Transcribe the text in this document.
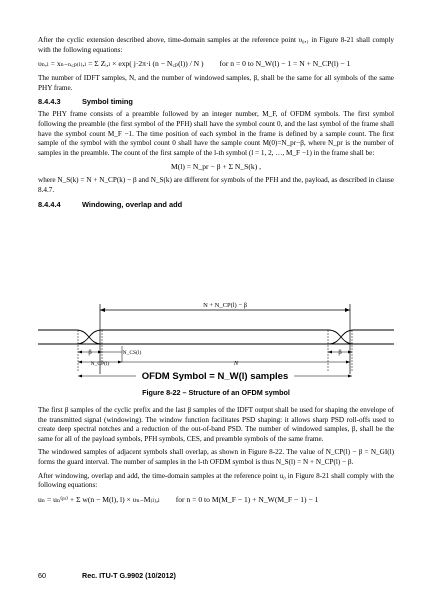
After the cyclic extension described above, time-domain samples at the reference point υ₀,₁ in Figure 8-21 shall comply with the following equations:

υₙ,ₗ = xₙ₋ₙ꜀ₚ₍ₗ₎,ₗ = Σ Zᵢ,ₗ × exp( j·2π·i (n − N꜀ₚ(l)) / N ) for n = 0 to N_W(l) − 1 = N + N_CP(l) − 1

The number of IDFT samples, N, and the number of windowed samples, β, shall be the same for all symbols of the same PHY frame.

8.4.4.3	Symbol timing

The PHY frame consists of a preamble followed by an integer number, M_F, of OFDM symbols. The first symbol following the preamble (the first symbol of the PFH) shall have the symbol count 0, and the last symbol of the frame shall have the symbol count M_F −1. The time position of each symbol in the frame is defined by a sample count. The first sample of the symbol with the symbol count 0 shall have the sample count M(0)=N_pr−β, where N_pr is the number of samples in the preamble. The count of the first sample of the l-th symbol (l = 1, 2, …, M_F −1) in the frame shall be:

M(l) = N_pr − β + Σ N_S(k) ,

where N_S(k) = N + N_CP(k) − β and N_S(k) are different for symbols of the PFH and the, payload, as described in clause 8.4.7.

8.4.4.4	Windowing, overlap and add
N + N_CP(l) − β
β	N_CS(l)
N_CP(l)	N
β
OFDM Symbol = N_W(l) samples
Figure 8-22 – Structure of an OFDM symbol

The first β samples of the cyclic prefix and the last β samples of the IDFT output shall be used for shaping the envelope of the transmitted signal (windowing). The window function facilitates PSD shaping: it allows sharp PSD roll-offs used to create deep spectral notches and a reduction of the out-of-band PSD. The number of windowed samples, β, shall be the same for all of the payload symbols, PFH symbols, CES, and preamble symbols of the same frame.

The windowed samples of adjacent symbols shall overlap, as shown in Figure 8-22. The value of N_CP(l) − β = N_GI(l) forms the guard interval. The number of samples in the l-th OFDM symbol is thus N_S(l) = N + N_CP(l) − β.

After windowing, overlap and add, the time-domain samples at the reference point u₀ in Figure 8-21 shall comply with the following equations:

uₙ = uₙ⁽ᵖʳ⁾ + Σ w(n − M(l), l) × υₙ₋M₍ₗ₎,ₗ for n = 0 to M(M_F − 1) + N_W(M_F − 1) − 1
60	Rec. ITU-T G.9902 (10/2012)
